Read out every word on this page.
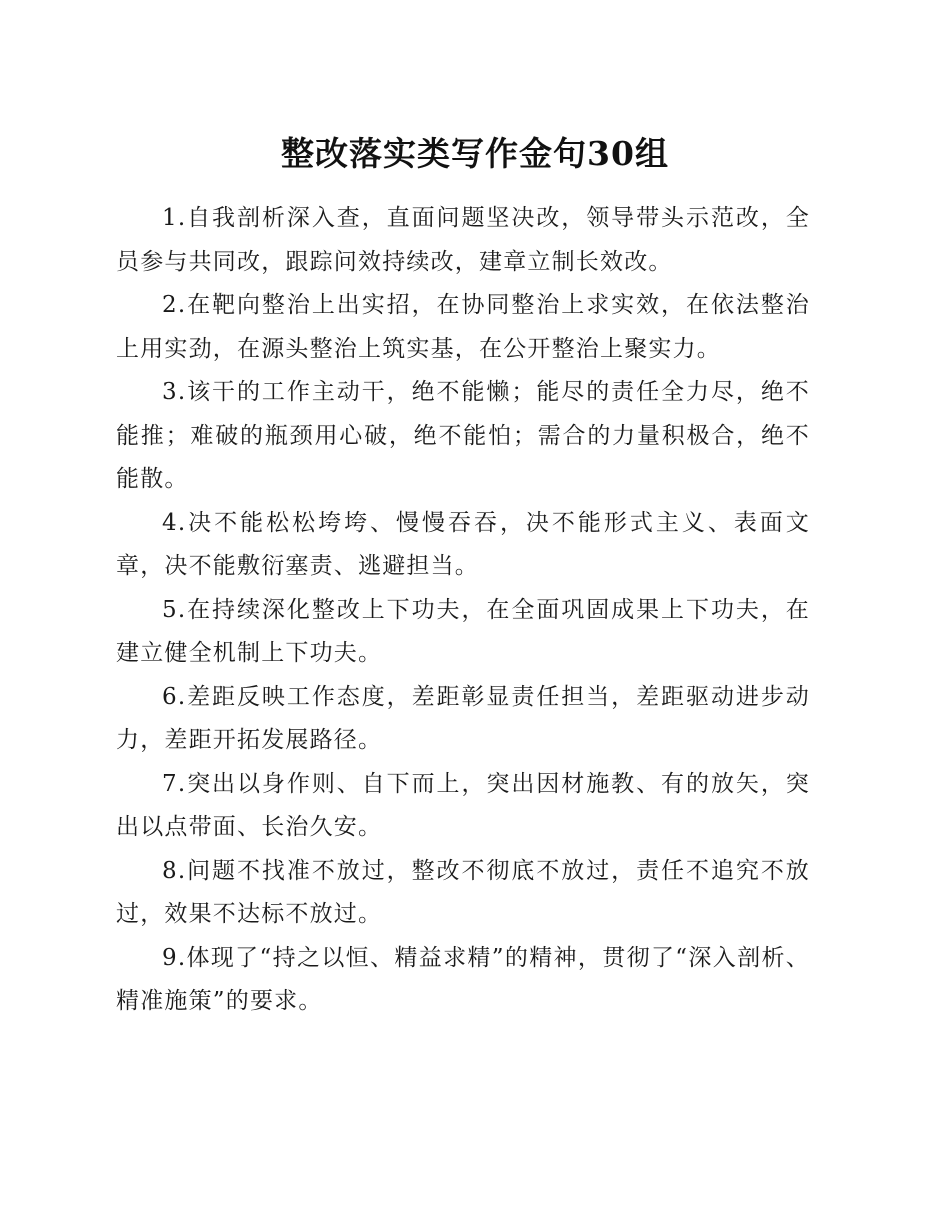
整改落实类写作金句30组

1.自我剖析深入查，直面问题坚决改，领导带头示范改，全员参与共同改，跟踪问效持续改，建章立制长效改。

2.在靶向整治上出实招，在协同整治上求实效，在依法整治上用实劲，在源头整治上筑实基，在公开整治上聚实力。

3.该干的工作主动干，绝不能懒；能尽的责任全力尽，绝不能推；难破的瓶颈用心破，绝不能怕；需合的力量积极合，绝不能散。

4.决不能松松垮垮、慢慢吞吞，决不能形式主义、表面文章，决不能敷衍塞责、逃避担当。

5.在持续深化整改上下功夫，在全面巩固成果上下功夫，在建立健全机制上下功夫。

6.差距反映工作态度，差距彰显责任担当，差距驱动进步动力，差距开拓发展路径。

7.突出以身作则、自下而上，突出因材施教、有的放矢，突出以点带面、长治久安。

8.问题不找准不放过，整改不彻底不放过，责任不追究不放过，效果不达标不放过。

9.体现了“持之以恒、精益求精”的精神，贯彻了“深入剖析、精准施策”的要求。
